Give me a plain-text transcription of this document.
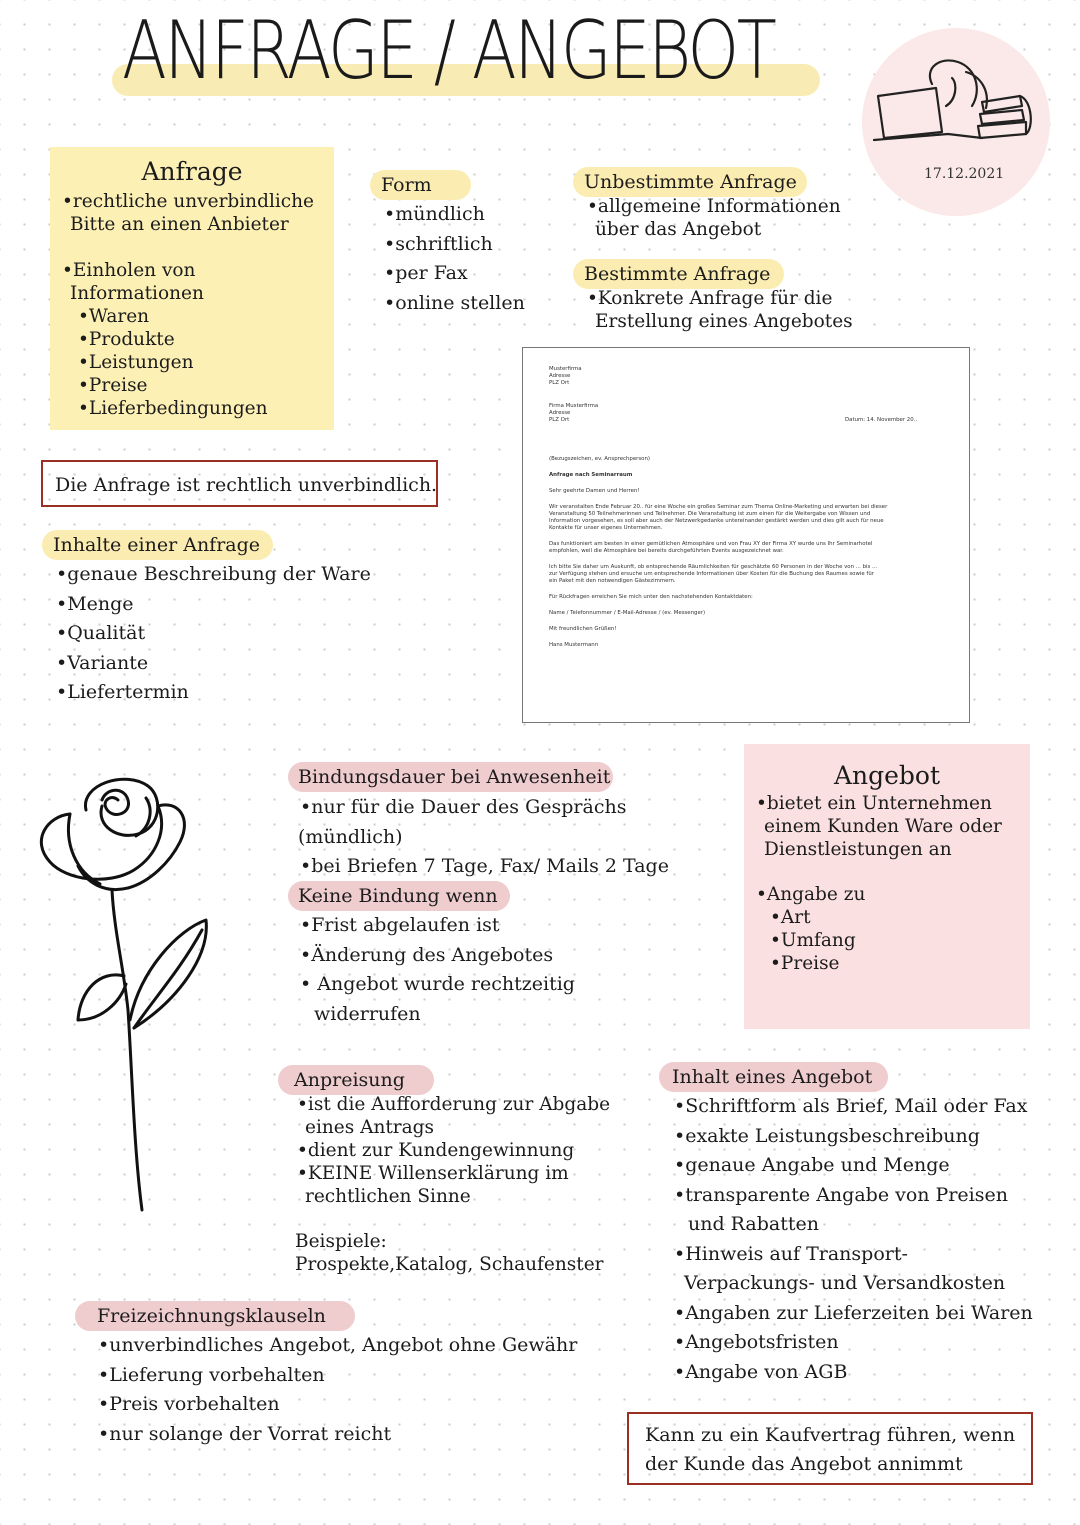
ANFRAGE / ANGEBOT
17.12.2021
Anfrage
•rechtliche unverbindliche
Bitte an einen Anbieter
•Einholen von
Informationen
•Waren
•Produkte
•Leistungen
•Preise
•Lieferbedingungen
Form
•mündlich
•schriftlich
•per Fax
•online stellen
Unbestimmte Anfrage
•allgemeine Informationen
über das Angebot
Bestimmte Anfrage
•Konkrete Anfrage für die
Erstellung eines Angebotes

Musterfirma

Adresse

PLZ Ort

Firma Musterfirma

Adresse

PLZ Ort	Datum: 14. November 20..

(Bezugszeichen, ev. Ansprechperson)

Anfrage nach Seminarraum

Sehr geehrte Damen und Herren!

Wir veranstalten Ende Februar 20.. für eine Woche ein großes Seminar zum Thema Online-Marketing und erwarten bei dieser

Veranstaltung 50 Teilnehmerinnen und Teilnehmer. Die Veranstaltung ist zum einen für die Weitergabe von Wissen und

Information vorgesehen, es soll aber auch der Netzwerkgedanke untereinander gestärkt werden und dies gilt auch für neue

Kontakte für unser eigenes Unternehmen.

Das funktioniert am besten in einer gemütlichen Atmosphäre und von Frau XY der Firma XY wurde uns Ihr Seminarhotel

empfohlen, weil die Atmosphäre bei bereits durchgeführten Events ausgezeichnet war.

Ich bitte Sie daher um Auskunft, ob entsprechende Räumlichkeiten für geschätzte 60 Personen in der Woche von ... bis ...

zur Verfügung stehen und ersuche um entsprechende Informationen über Kosten für die Buchung des Raumes sowie für

ein Paket mit den notwendigen Gästezimmern.

Für Rückfragen erreichen Sie mich unter den nachstehenden Kontaktdaten:

Name / Telefonnummer / E-Mail-Adresse / (ev. Messenger)

Mit freundlichen Grüßen!

Hans Mustermann

Die Anfrage ist rechtlich unverbindlich.
Inhalte einer Anfrage
•genaue Beschreibung der Ware
•Menge
•Qualität
•Variante
•Liefertermin
Bindungsdauer bei Anwesenheit
•nur für die Dauer des Gesprächs
(mündlich)
•bei Briefen 7 Tage, Fax/ Mails 2 Tage
Keine Bindung wenn
•Frist abgelaufen ist
•Änderung des Angebotes
• Angebot wurde rechtzeitig
widerrufen
Angebot
•bietet ein Unternehmen
einem Kunden Ware oder
Dienstleistungen an
•Angabe zu
•Art
•Umfang
•Preise
Anpreisung
•ist die Aufforderung zur Abgabe
eines Antrags
•dient zur Kundengewinnung
•KEINE Willenserklärung im
rechtlichen Sinne
Beispiele:
Prospekte,Katalog, Schaufenster
Inhalt eines Angebot
•Schriftform als Brief, Mail oder Fax
•exakte Leistungsbeschreibung
•genaue Angabe und Menge
•transparente Angabe von Preisen
und Rabatten
•Hinweis auf Transport-
Verpackungs- und Versandkosten
•Angaben zur Lieferzeiten bei Waren
•Angebotsfristen
•Angabe von AGB
Freizeichnungsklauseln
•unverbindliches Angebot, Angebot ohne Gewähr
•Lieferung vorbehalten
•Preis vorbehalten
•nur solange der Vorrat reicht	Kann zu ein Kaufvertrag führen, wenn
der Kunde das Angebot annimmt
